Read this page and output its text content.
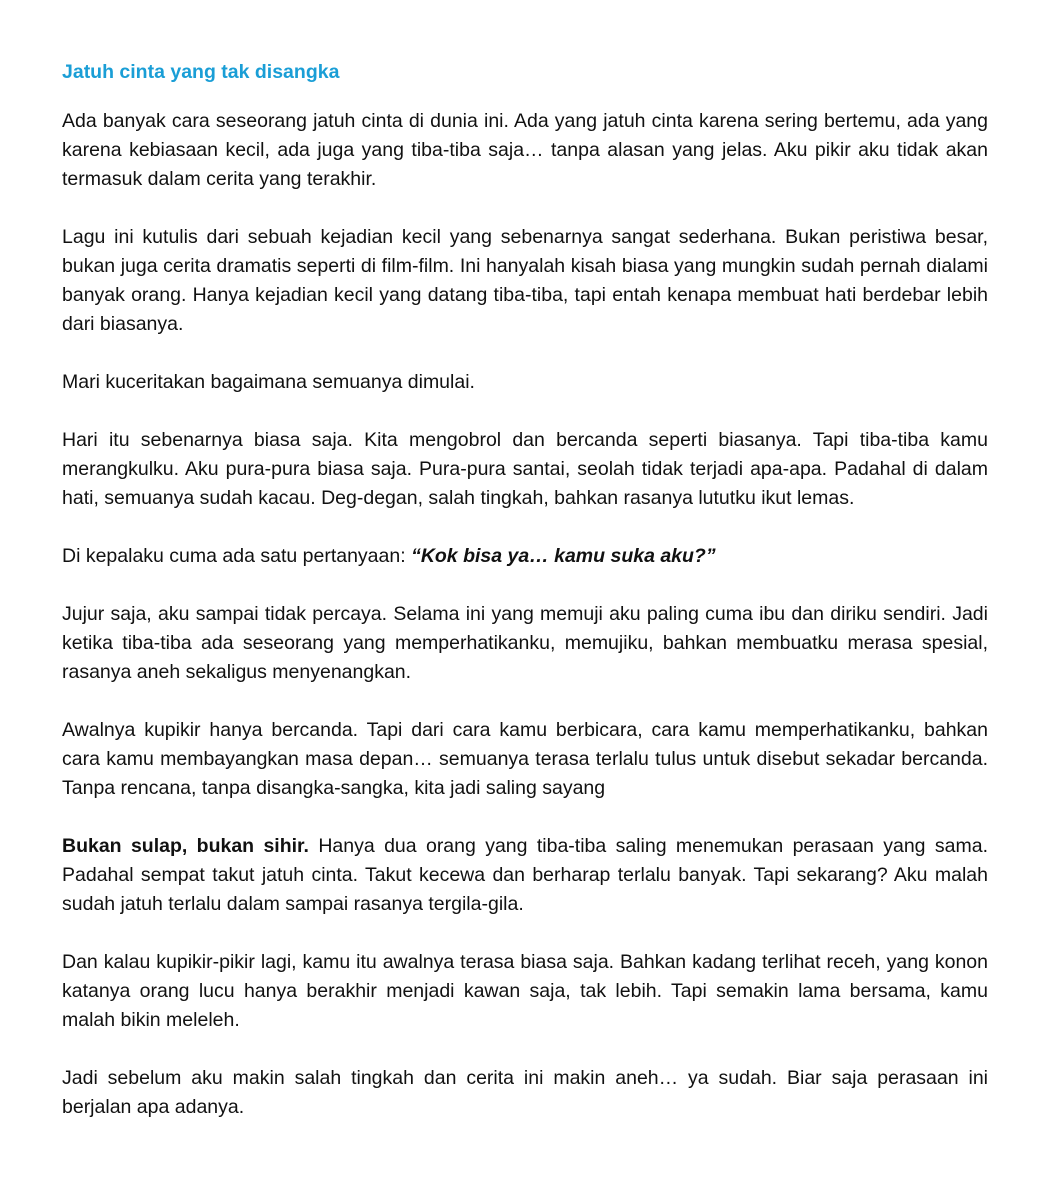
Jatuh cinta yang tak disangka

Ada banyak cara seseorang jatuh cinta di dunia ini. Ada yang jatuh cinta karena sering bertemu, ada yang karena kebiasaan kecil, ada juga yang tiba-tiba saja… tanpa alasan yang jelas. Aku pikir aku tidak akan termasuk dalam cerita yang terakhir.

Lagu ini kutulis dari sebuah kejadian kecil yang sebenarnya sangat sederhana. Bukan peristiwa besar, bukan juga cerita dramatis seperti di film-film. Ini hanyalah kisah biasa yang mungkin sudah pernah dialami banyak orang. Hanya kejadian kecil yang datang tiba-tiba, tapi entah kenapa membuat hati berdebar lebih dari biasanya.

Mari kuceritakan bagaimana semuanya dimulai.

Hari itu sebenarnya biasa saja. Kita mengobrol dan bercanda seperti biasanya. Tapi tiba-tiba kamu merangkulku. Aku pura-pura biasa saja. Pura-pura santai, seolah tidak terjadi apa-apa. Padahal di dalam hati, semuanya sudah kacau. Deg-degan, salah tingkah, bahkan rasanya lututku ikut lemas.

Di kepalaku cuma ada satu pertanyaan: “Kok bisa ya… kamu suka aku?”

Jujur saja, aku sampai tidak percaya. Selama ini yang memuji aku paling cuma ibu dan diriku sendiri. Jadi ketika tiba-tiba ada seseorang yang memperhatikanku, memujiku, bahkan membuatku merasa spesial, rasanya aneh sekaligus menyenangkan.

Awalnya kupikir hanya bercanda. Tapi dari cara kamu berbicara, cara kamu memperhatikanku, bahkan cara kamu membayangkan masa depan… semuanya terasa terlalu tulus untuk disebut sekadar bercanda. Tanpa rencana, tanpa disangka-sangka, kita jadi saling sayang

Bukan sulap, bukan sihir. Hanya dua orang yang tiba-tiba saling menemukan perasaan yang sama. Padahal sempat takut jatuh cinta. Takut kecewa dan berharap terlalu banyak. Tapi sekarang? Aku malah sudah jatuh terlalu dalam sampai rasanya tergila-gila.

Dan kalau kupikir-pikir lagi, kamu itu awalnya terasa biasa saja. Bahkan kadang terlihat receh, yang konon katanya orang lucu hanya berakhir menjadi kawan saja, tak lebih. Tapi semakin lama bersama, kamu malah bikin meleleh.

Jadi sebelum aku makin salah tingkah dan cerita ini makin aneh… ya sudah. Biar saja perasaan ini berjalan apa adanya.
